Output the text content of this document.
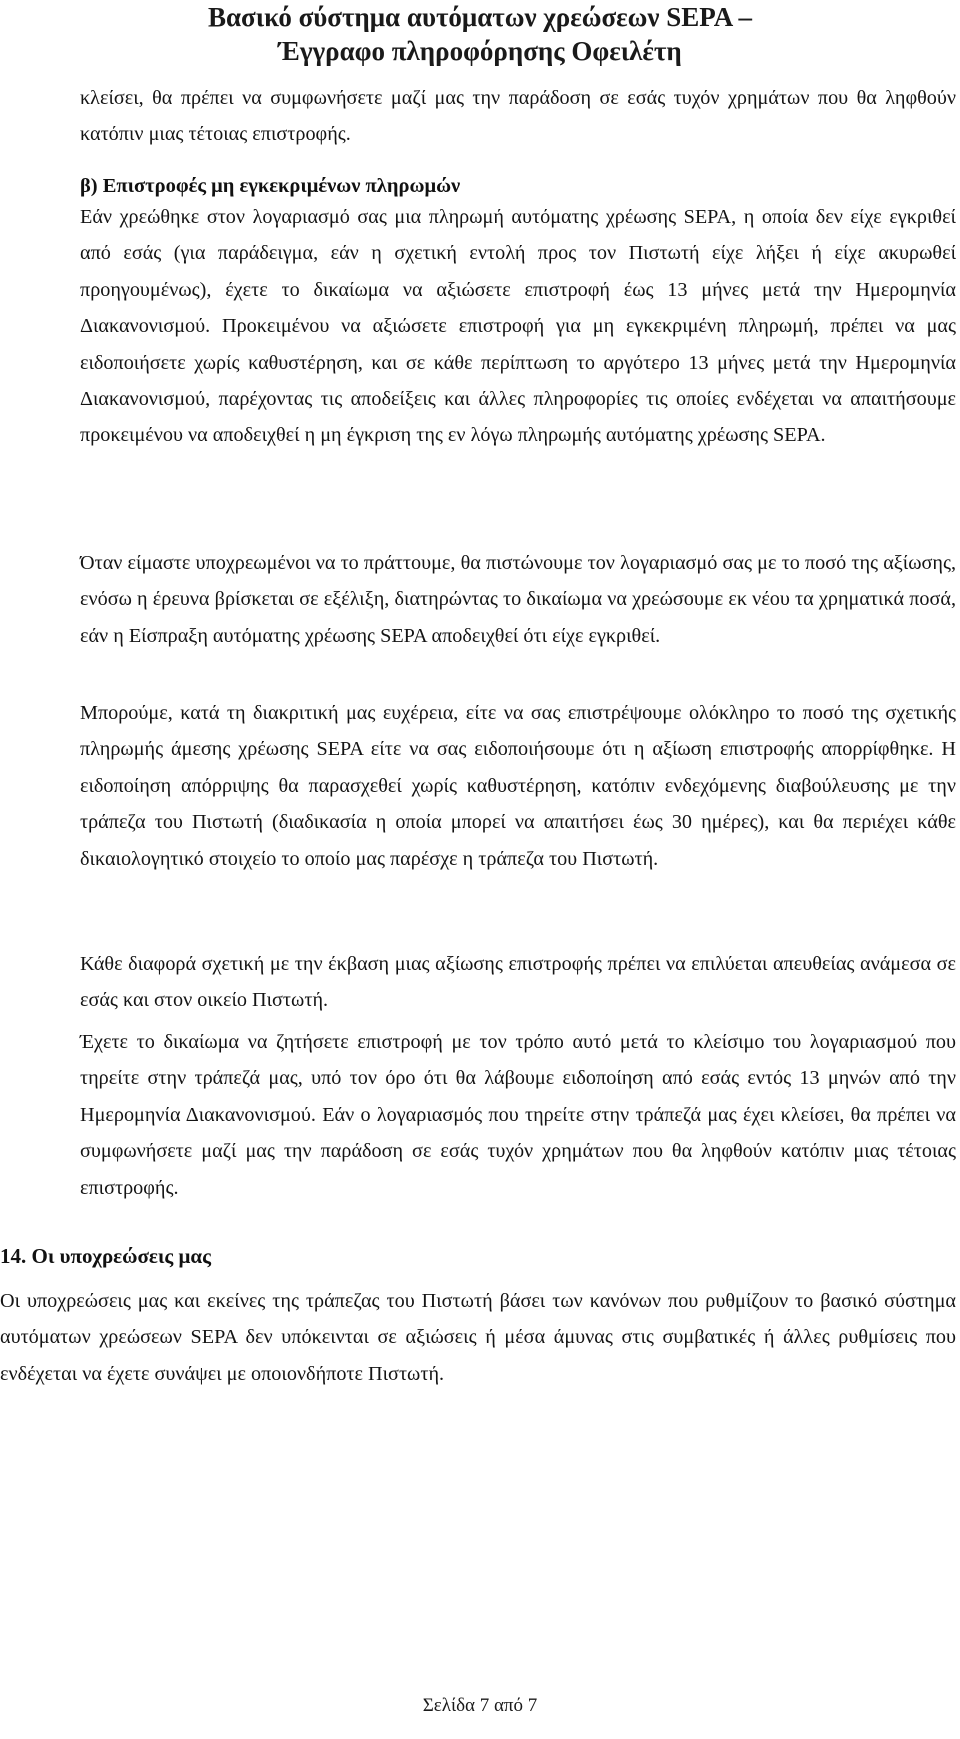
Βασικό σύστημα αυτόματων χρεώσεων SEPA –
Έγγραφο πληροφόρησης Οφειλέτη

κλείσει, θα πρέπει να συμφωνήσετε μαζί μας την παράδοση σε εσάς τυχόν χρημάτων που θα ληφθούν κατόπιν μιας τέτοιας επιστροφής.

β) Επιστροφές μη εγκεκριμένων πληρωμών

Εάν χρεώθηκε στον λογαριασμό σας μια πληρωμή αυτόματης χρέωσης SEPA, η οποία δεν είχε εγκριθεί από εσάς (για παράδειγμα, εάν η σχετική εντολή προς τον Πιστωτή είχε λήξει ή είχε ακυρωθεί προηγουμένως), έχετε το δικαίωμα να αξιώσετε επιστροφή έως 13 μήνες μετά την Ημερομηνία Διακανονισμού. Προκειμένου να αξιώσετε επιστροφή για μη εγκεκριμένη πληρωμή, πρέπει να μας ειδοποιήσετε χωρίς καθυστέρηση, και σε κάθε περίπτωση το αργότερο 13 μήνες μετά την Ημερομηνία Διακανονισμού, παρέχοντας τις αποδείξεις και άλλες πληροφορίες τις οποίες ενδέχεται να απαιτήσουμε προκειμένου να αποδειχθεί η μη έγκριση της εν λόγω πληρωμής αυτόματης χρέωσης SEPA.

Όταν είμαστε υποχρεωμένοι να το πράττουμε, θα πιστώνουμε τον λογαριασμό σας με το ποσό της αξίωσης, ενόσω η έρευνα βρίσκεται σε εξέλιξη, διατηρώντας το δικαίωμα να χρεώσουμε εκ νέου τα χρηματικά ποσά, εάν η Είσπραξη αυτόματης χρέωσης SEPA αποδειχθεί ότι είχε εγκριθεί.

Μπορούμε, κατά τη διακριτική μας ευχέρεια, είτε να σας επιστρέψουμε ολόκληρο το ποσό της σχετικής πληρωμής άμεσης χρέωσης SEPA είτε να σας ειδοποιήσουμε ότι η αξίωση επιστροφής απορρίφθηκε. Η ειδοποίηση απόρριψης θα παρασχεθεί χωρίς καθυστέρηση, κατόπιν ενδεχόμενης διαβούλευσης με την τράπεζα του Πιστωτή (διαδικασία η οποία μπορεί να απαιτήσει έως 30 ημέρες), και θα περιέχει κάθε δικαιολογητικό στοιχείο το οποίο μας παρέσχε η τράπεζα του Πιστωτή.

Κάθε διαφορά σχετική με την έκβαση μιας αξίωσης επιστροφής πρέπει να επιλύεται απευθείας ανάμεσα σε εσάς και στον οικείο Πιστωτή.

Έχετε το δικαίωμα να ζητήσετε επιστροφή με τον τρόπο αυτό μετά το κλείσιμο του λογαριασμού που τηρείτε στην τράπεζά μας, υπό τον όρο ότι θα λάβουμε ειδοποίηση από εσάς εντός 13 μηνών από την Ημερομηνία Διακανονισμού. Εάν ο λογαριασμός που τηρείτε στην τράπεζά μας έχει κλείσει, θα πρέπει να συμφωνήσετε μαζί μας την παράδοση σε εσάς τυχόν χρημάτων που θα ληφθούν κατόπιν μιας τέτοιας επιστροφής.

14. Οι υποχρεώσεις μας

Οι υποχρεώσεις μας και εκείνες της τράπεζας του Πιστωτή βάσει των κανόνων που ρυθμίζουν το βασικό σύστημα αυτόματων χρεώσεων SEPA δεν υπόκεινται σε αξιώσεις ή μέσα άμυνας στις συμβατικές ή άλλες ρυθμίσεις που ενδέχεται να έχετε συνάψει με οποιονδήποτε Πιστωτή.

Σελίδα 7 από 7
